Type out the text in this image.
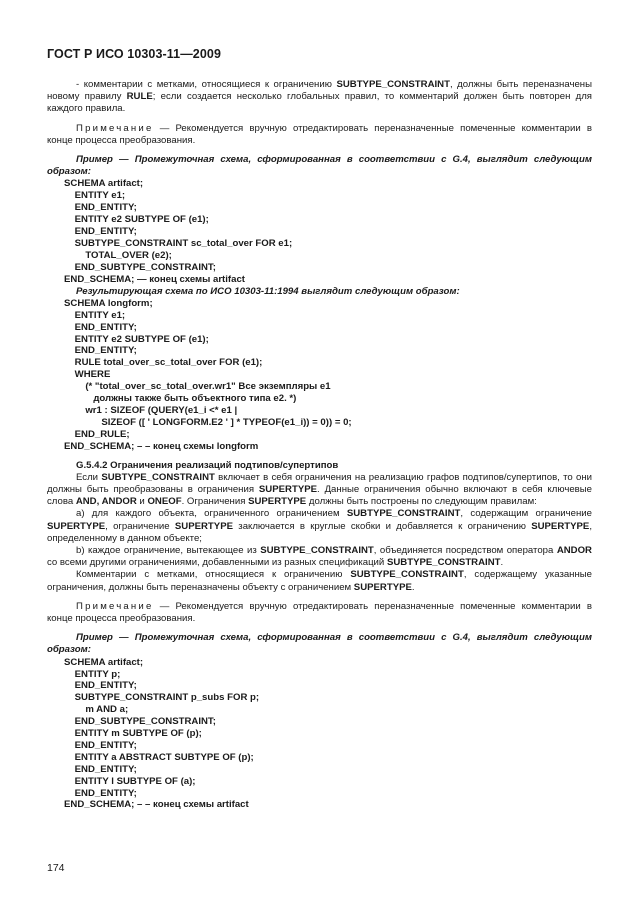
ГОСТ Р ИСО 10303-11—2009

- комментарии с метками, относящиеся к ограничению SUBTYPE_CONSTRAINT, должны быть переназначены новому правилу RULE; если создается несколько глобальных правил, то комментарий должен быть повторен для каждого правила.

Примечание — Рекомендуется вручную отредактировать переназначенные помеченные комментарии в конце процесса преобразования.

Пример — Промежуточная схема, сформированная в соответствии с G.4, выглядит следующим образом:

SCHEMA artifact;
ENTITY e1;
END_ENTITY;
ENTITY e2 SUBTYPE OF (e1);
END_ENTITY;
SUBTYPE_CONSTRAINT sc_total_over FOR e1;
TOTAL_OVER (e2);
END_SUBTYPE_CONSTRAINT;
END_SCHEMA; — конец схемы artifact

Результирующая схема по ИСО 10303-11:1994 выглядит следующим образом:

SCHEMA longform;
ENTITY e1;
END_ENTITY;
ENTITY e2 SUBTYPE OF (e1);
END_ENTITY;
RULE total_over_sc_total_over FOR (e1);
WHERE
(* "total_over_sc_total_over.wr1" Все экземпляры e1
должны также быть объектного типа e2. *)
wr1 : SIZEOF (QUERY(e1_i <* e1 |
SIZEOF ([ ' LONGFORM.E2 ' ] * TYPEOF(e1_i)) = 0)) = 0;
END_RULE;
END_SCHEMA; – – конец схемы longform

G.5.4.2 Ограничения реализаций подтипов/супертипов

Если SUBTYPE_CONSTRAINT включает в себя ограничения на реализацию графов подтипов/супертипов, то они должны быть преобразованы в ограничения SUPERTYPE. Данные ограничения обычно включают в себя ключевые слова AND, ANDOR и ONEOF. Ограничения SUPERTYPE должны быть построены по следующим правилам:

а) для каждого объекта, ограниченного ограничением SUBTYPE_CONSTRAINT, содержащим ограничение SUPERTYPE, ограничение SUPERTYPE заключается в круглые скобки и добавляется к ограничению SUPERTYPE, определенному в данном объекте;

b) каждое ограничение, вытекающее из SUBTYPE_CONSTRAINT, объединяется посредством оператора ANDOR со всеми другими ограничениями, добавленными из разных спецификаций SUBTYPE_CONSTRAINT.

Комментарии с метками, относящиеся к ограничению SUBTYPE_CONSTRAINT, содержащему указанные ограничения, должны быть переназначены объекту с ограничением SUPERTYPE.

Примечание — Рекомендуется вручную отредактировать переназначенные помеченные комментарии в конце процесса преобразования.

Пример — Промежуточная схема, сформированная в соответствии с G.4, выглядит следующим образом:

SCHEMA artifact;
ENTITY p;
END_ENTITY;
SUBTYPE_CONSTRAINT p_subs FOR p;
m AND a;
END_SUBTYPE_CONSTRAINT;
ENTITY m SUBTYPE OF (p);
END_ENTITY;
ENTITY a ABSTRACT SUBTYPE OF (p);
END_ENTITY;
ENTITY l SUBTYPE OF (a);
END_ENTITY;
END_SCHEMA; – – конец схемы artifact
174
